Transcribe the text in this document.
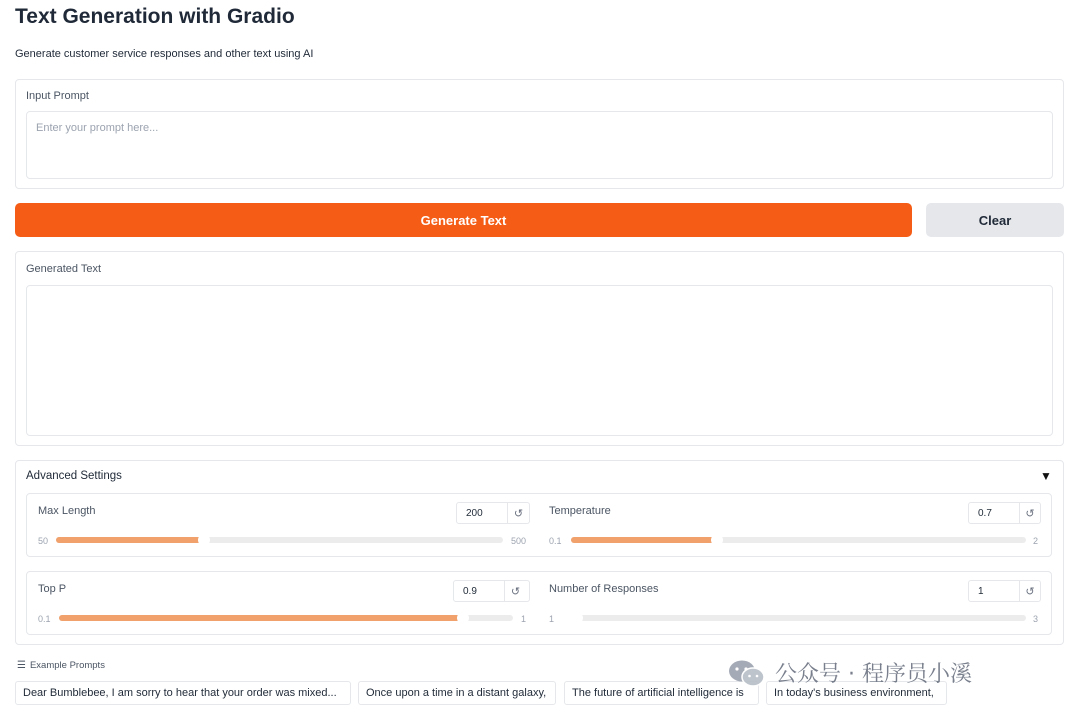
Text Generation with Gradio
Generate customer service responses and other text using AI
Input Prompt
Enter your prompt here...
Generate Text	Clear
Generated Text
Advanced Settings	▼
Max Length
200	↺
50	500
Temperature
0.7	↺
0.1	2
Top P
0.9	↺
0.1	1
Number of Responses
1	↺
1	3
☰ Example Prompts
Dear Bumblebee, I am sorry to hear that your order was mixed...	Once upon a time in a distant galaxy,	The future of artificial intelligence is	In today's business environment,
公众号 · 程序员小溪
